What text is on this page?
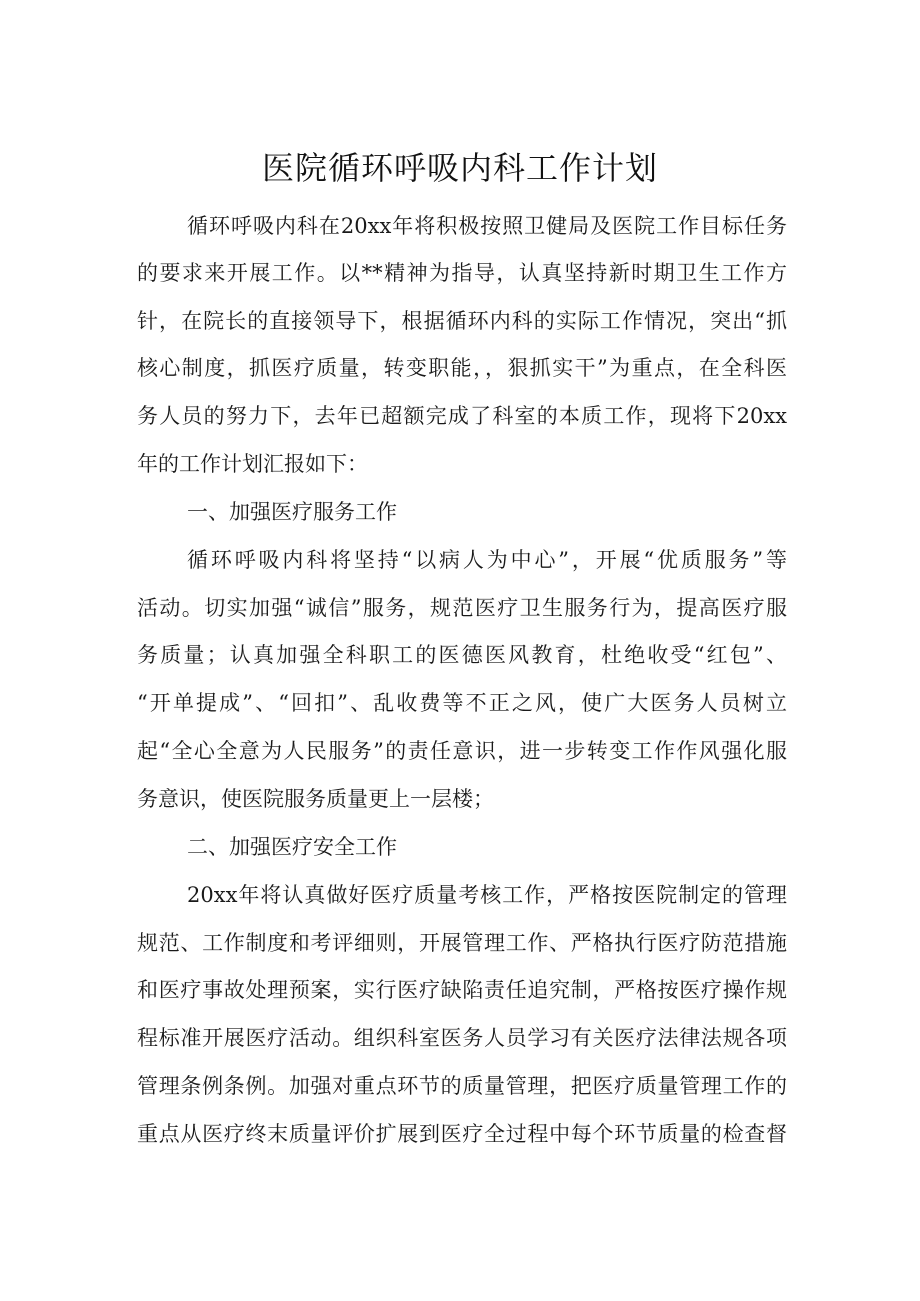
医院循环呼吸内科工作计划
循环呼吸内科在20xx年将积极按照卫健局及医院工作目标任务
的要求来开展工作。以**精神为指导，认真坚持新时期卫生工作方
针，在院长的直接领导下，根据循环内科的实际工作情况，突出“抓
核心制度，抓医疗质量，转变职能，，狠抓实干”为重点，在全科医
务人员的努力下，去年已超额完成了科室的本质工作，现将下20xx
年的工作计划汇报如下：
一、加强医疗服务工作
循环呼吸内科将坚持“以病人为中心”，开展“优质服务”等
活动。切实加强“诚信”服务，规范医疗卫生服务行为，提高医疗服
务质量；认真加强全科职工的医德医风教育，杜绝收受“红包”、
“开单提成”、“回扣”、乱收费等不正之风，使广大医务人员树立
起“全心全意为人民服务”的责任意识，进一步转变工作作风强化服
务意识，使医院服务质量更上一层楼；
二、加强医疗安全工作
20xx年将认真做好医疗质量考核工作，严格按医院制定的管理
规范、工作制度和考评细则，开展管理工作、严格执行医疗防范措施
和医疗事故处理预案，实行医疗缺陷责任追究制，严格按医疗操作规
程标准开展医疗活动。组织科室医务人员学习有关医疗法律法规各项
管理条例条例。加强对重点环节的质量管理，把医疗质量管理工作的
重点从医疗终末质量评价扩展到医疗全过程中每个环节质量的检查督
